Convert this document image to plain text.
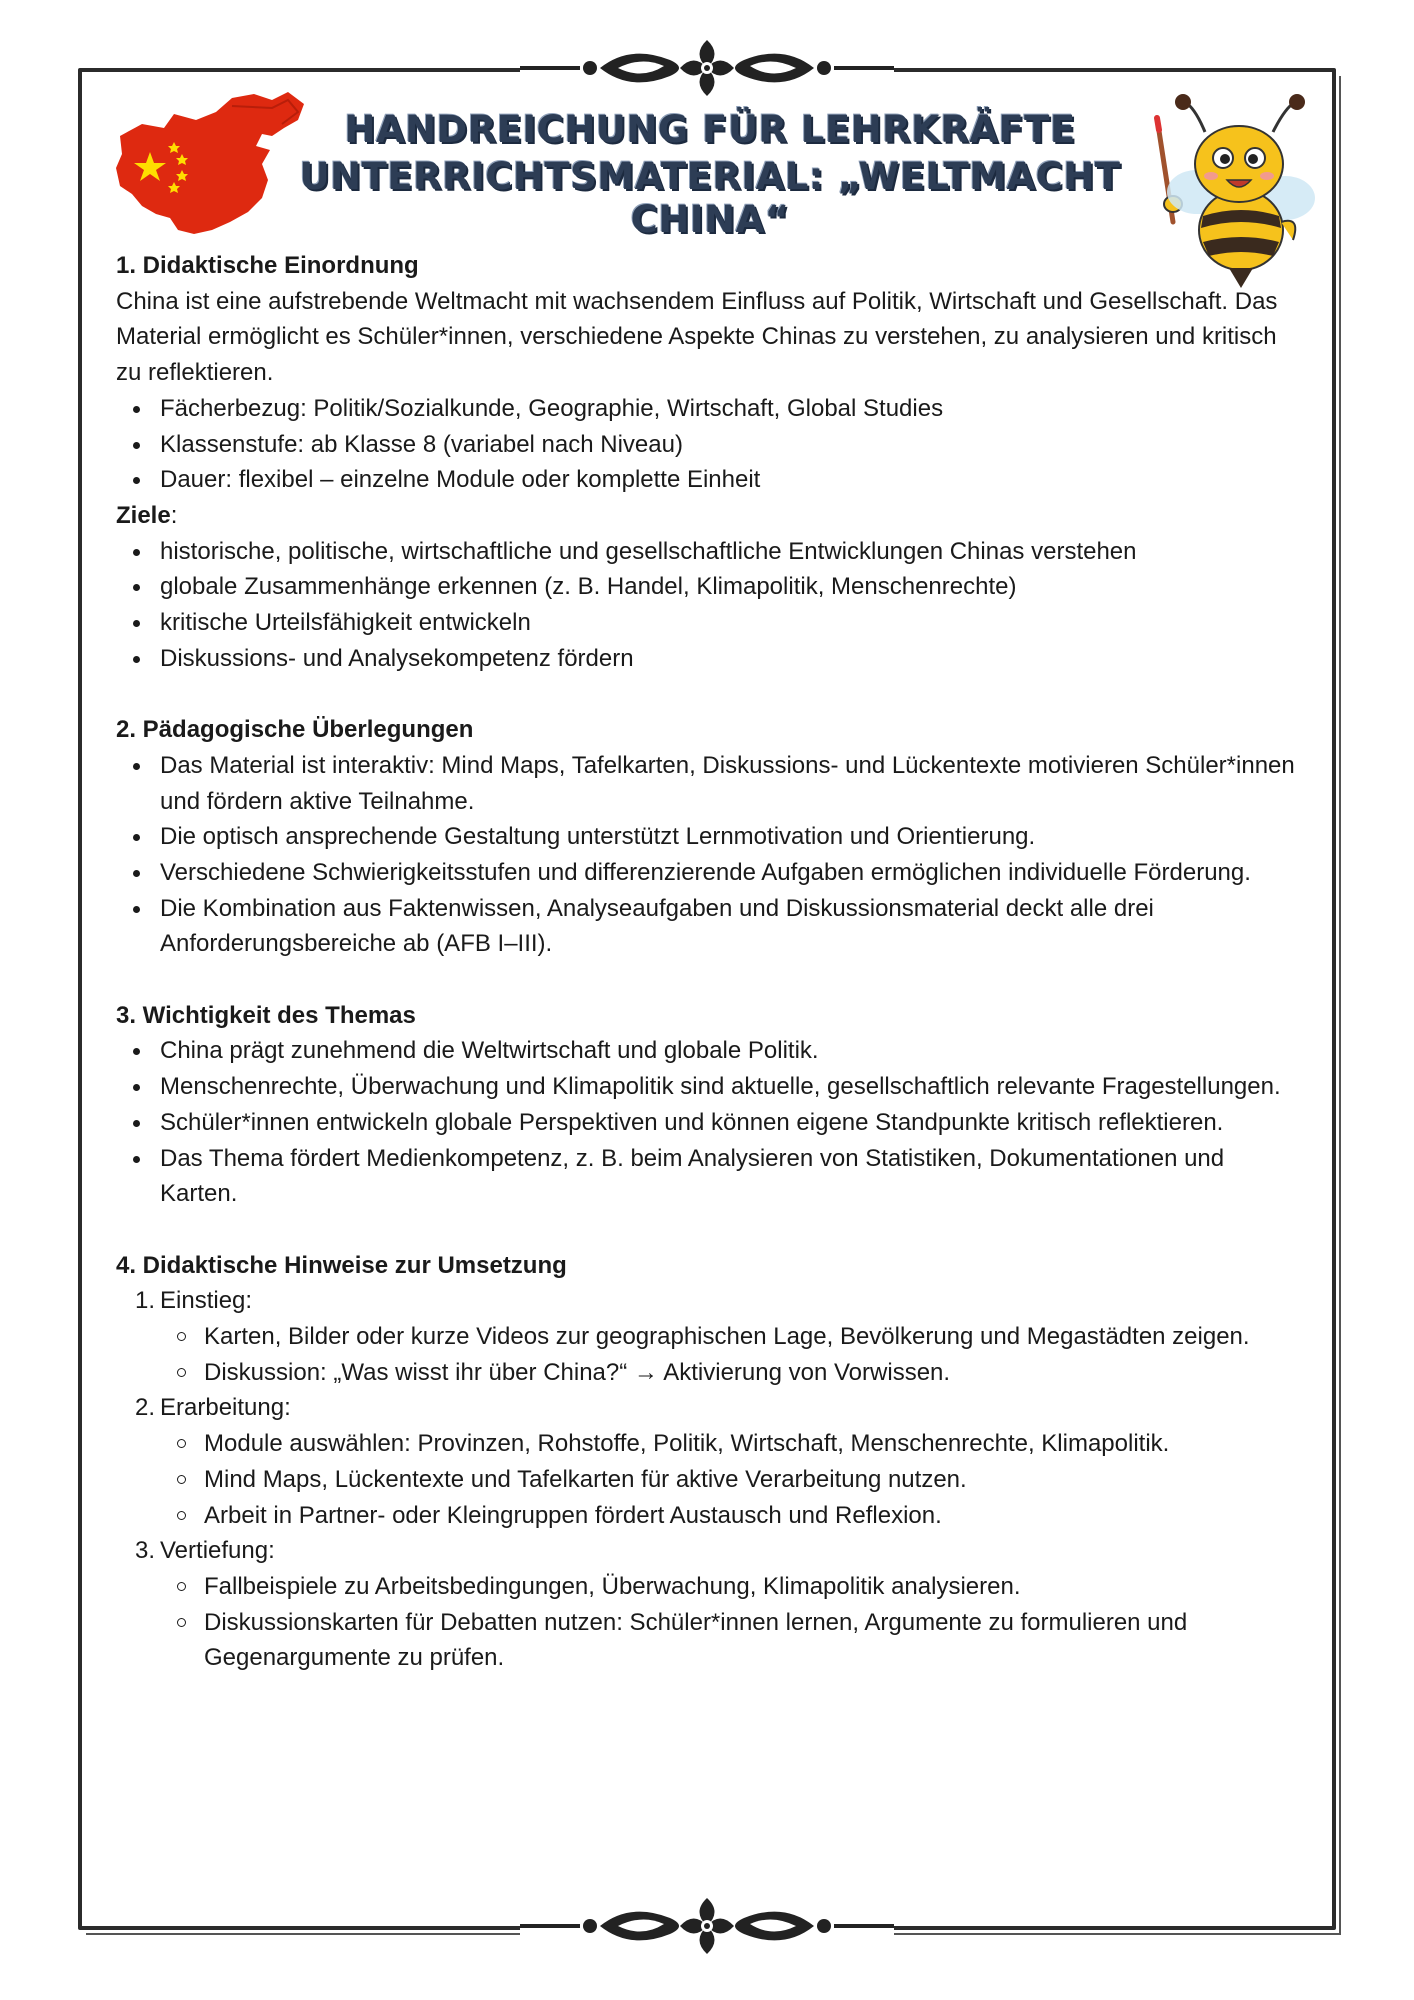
HANDREICHUNG FÜR LEHRKRÄFTE
UNTERRICHTSMATERIAL: „WELTMACHT CHINA“
1. Didaktische Einordnung

China ist eine aufstrebende Weltmacht mit wachsendem Einfluss auf Politik, Wirtschaft und Gesellschaft. Das Material ermöglicht es Schüler*innen, verschiedene Aspekte Chinas zu verstehen, zu analysieren und kritisch zu reflektieren.

Fächerbezug: Politik/Sozialkunde, Geographie, Wirtschaft, Global Studies
Klassenstufe: ab Klasse 8 (variabel nach Niveau)
Dauer: flexibel – einzelne Module oder komplette Einheit

Ziele:

historische, politische, wirtschaftliche und gesellschaftliche Entwicklungen Chinas verstehen
globale Zusammenhänge erkennen (z. B. Handel, Klimapolitik, Menschenrechte)
kritische Urteilsfähigkeit entwickeln
Diskussions- und Analysekompetenz fördern
2. Pädagogische Überlegungen
Das Material ist interaktiv: Mind Maps, Tafelkarten, Diskussions- und Lückentexte motivieren Schüler*innen und fördern aktive Teilnahme.
Die optisch ansprechende Gestaltung unterstützt Lernmotivation und Orientierung.
Verschiedene Schwierigkeitsstufen und differenzierende Aufgaben ermöglichen individuelle Förderung.
Die Kombination aus Faktenwissen, Analyseaufgaben und Diskussionsmaterial deckt alle drei Anforderungsbereiche ab (AFB I–III).
3. Wichtigkeit des Themas
China prägt zunehmend die Weltwirtschaft und globale Politik.
Menschenrechte, Überwachung und Klimapolitik sind aktuelle, gesellschaftlich relevante Fragestellungen.
Schüler*innen entwickeln globale Perspektiven und können eigene Standpunkte kritisch reflektieren.
Das Thema fördert Medienkompetenz, z. B. beim Analysieren von Statistiken, Dokumentationen und Karten.
4. Didaktische Hinweise zur Umsetzung
1. Einstieg:
Karten, Bilder oder kurze Videos zur geographischen Lage, Bevölkerung und Megastädten zeigen.
Diskussion: „Was wisst ihr über China?“ → Aktivierung von Vorwissen.
2. Erarbeitung:
Module auswählen: Provinzen, Rohstoffe, Politik, Wirtschaft, Menschenrechte, Klimapolitik.
Mind Maps, Lückentexte und Tafelkarten für aktive Verarbeitung nutzen.
Arbeit in Partner- oder Kleingruppen fördert Austausch und Reflexion.
3. Vertiefung:
Fallbeispiele zu Arbeitsbedingungen, Überwachung, Klimapolitik analysieren.
Diskussionskarten für Debatten nutzen: Schüler*innen lernen, Argumente zu formulieren und Gegenargumente zu prüfen.
